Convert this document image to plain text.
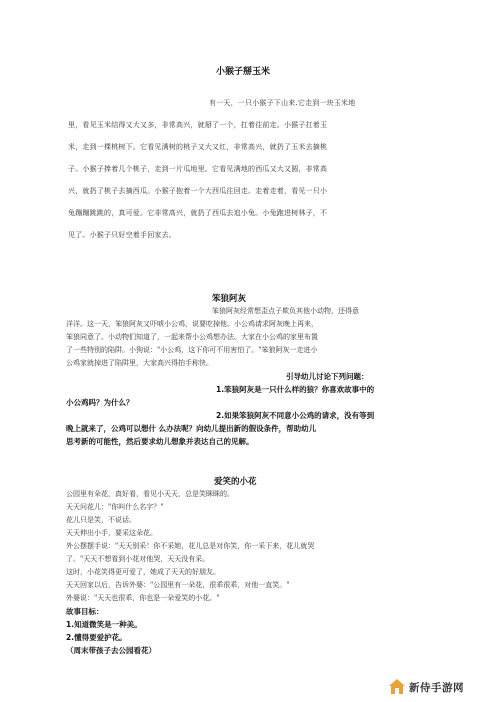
小猴子掰玉米
有一天，一只小猴子下山来.它走到一块玉米地
里，看见玉米结得又大又多，非常高兴，就掰了一个，扛着往前走。小猴子扛着玉
米，走到一棵桃树下。它看见满树的桃子又大又红，非常高兴，就扔了玉米去摘桃
子。小猴子捧着几个桃子，走到一片瓜地里。它看见满地的西瓜又大又圆，非常高
兴，就扔了桃子去摘西瓜。小猴子抱着一个大西瓜往回走。走着走着，看见一只小
兔蹦蹦跳跳的，真可爱。它非常高兴，就扔了西瓜去追小兔。小兔跑进树林子，不
见了。小猴子只好空着手回家去。
笨狼阿灰
笨狼阿灰经常想歪点子欺负其他小动物，还得意
洋洋。这一天，笨狼阿灰又吓唬小公鸡，说要吃掉他。小公鸡请求阿灰晚上再来，
笨狼同意了。小动物们知道了，一起来帮小公鸡想办法。大家在小公鸡的家里布置
了一些特别的陷阱。小狗说："小公鸡，这下你可不用害怕了。"笨狼阿灰一走进小
公鸡家就掉进了陷阱里，大家高兴得拍手称快。
引导幼儿讨论下列问题：
1.笨狼阿灰是一只什么样的狼？你喜欢故事中的
小公鸡吗？为什么？
2.如果笨狼阿灰不同意小公鸡的请求，没有等到
晚上就来了，公鸡可以想什 么办法呢？向幼儿提出新的假设条件，帮助幼儿
思考新的可能性，然后要求幼儿想象并表达自己的见解。
爱笑的小花
公园里有朵花，真好看，看见小天天，总是笑眯眯的。
天天问花儿："你叫什么名字？"
花儿只是笑，不说话。
天天伸出小手，要采这朵花。
外公摆摆手说："天天别采！你不采她，花儿总是对你笑，你一采下来，花儿就哭
了。"天天不想看到小花对他哭，天天没有采。
这时，小花笑得更可爱了，她成了天天的好朋友。
天天回家以后，告诉外婆："公园里有一朵花，很乖很乖，对他一直笑。"
外婆说："天天也很乖，你也是一朵爱笑的小花。"
故事目标：
1.知道微笑是一种美。
2.懂得要爱护花。
（周末带孩子去公园看花）
新侍手游网
